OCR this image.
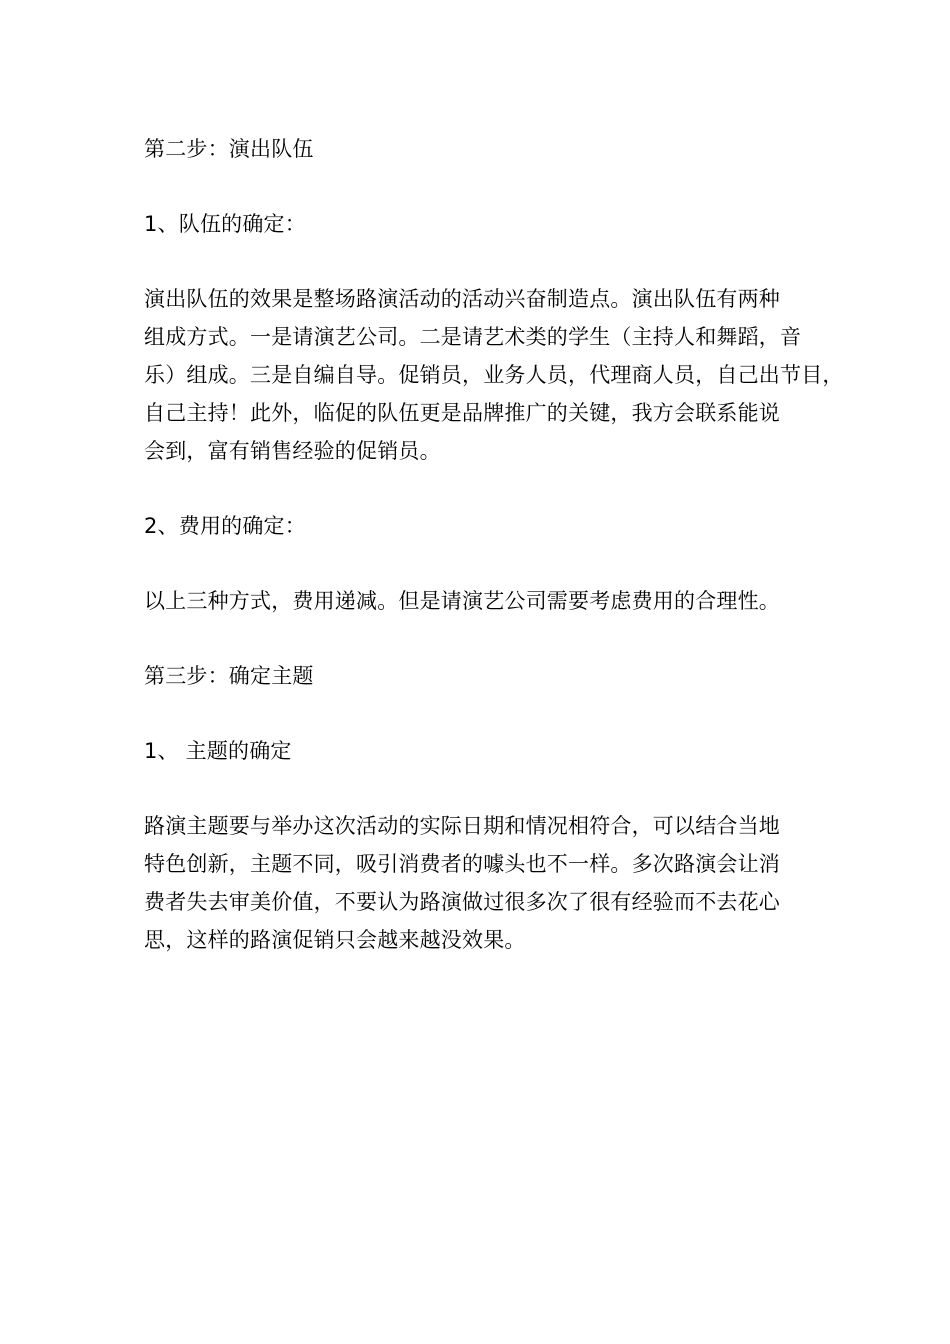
第二步：演出队伍

1、队伍的确定：

演出队伍的效果是整场路演活动的活动兴奋制造点。演出队伍有两种

组成方式。一是请演艺公司。二是请艺术类的学生（主持人和舞蹈，音

乐）组成。三是自编自导。促销员，业务人员，代理商人员，自己出节目，

自己主持！此外，临促的队伍更是品牌推广的关键，我方会联系能说

会到，富有销售经验的促销员。

2、费用的确定：

以上三种方式，费用递减。但是请演艺公司需要考虑费用的合理性。

第三步：确定主题

1、 主题的确定

路演主题要与举办这次活动的实际日期和情况相符合，可以结合当地

特色创新，主题不同，吸引消费者的噱头也不一样。多次路演会让消

费者失去审美价值，不要认为路演做过很多次了很有经验而不去花心

思，这样的路演促销只会越来越没效果。
